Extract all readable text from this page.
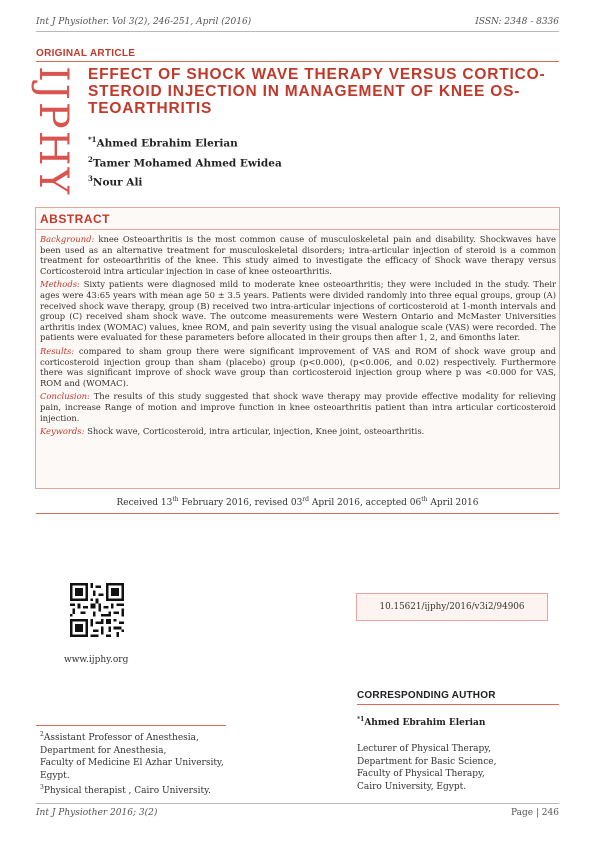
Int J Physiother. Vol 3(2), 246-251, April (2016)	ISSN: 2348 - 8336
ORIGINAL ARTICLE
IJPHY EFFECT OF SHOCK WAVE THERAPY VERSUS CORTICO-STEROID INJECTION IN MANAGEMENT OF KNEE OS-TEOARTHRITIS
$^{*1}$Ahmed Ebrahim Elerian
$^2$Tamer Mohamed Ahmed Ewidea
$^3$Nour Ali
ABSTRACT

Background: knee Osteoarthritis is the most common cause of musculoskeletal pain and disability. Shockwaves have been used as an alternative treatment for musculoskeletal disorders; intra-articular injection of steroid is a common treatment for osteoarthritis of the knee. This study aimed to investigate the efficacy of Shock wave therapy versus Corticosteroid intra articular injection in case of knee osteoarthritis.

Methods: Sixty patients were diagnosed mild to moderate knee osteoarthritis; they were included in the study. Their ages were 43:65 years with mean age 50 ± 3.5 years. Patients were divided randomly into three equal groups, group (A) received shock wave therapy, group (B) received two intra-articular injections of corticosteroid at 1-month intervals and group (C) received sham shock wave. The outcome measurements were Western Ontario and McMaster Universities arthritis index (WOMAC) values, knee ROM, and pain severity using the visual analogue scale (VAS) were recorded. The patients were evaluated for these parameters before allocated in their groups then after 1, 2, and 6months later.

Results: compared to sham group there were significant improvement of VAS and ROM of shock wave group and corticosteroid injection group than sham (placebo) group (p<0.000), (p<0.006, and 0.02) respectively. Furthermore there was significant improve of shock wave group than corticosteroid injection group where p was <0.000 for VAS, ROM and (WOMAC).

Conclusion: The results of this study suggested that shock wave therapy may provide effective modality for relieving pain, increase Range of motion and improve function in knee osteoarthritis patient than intra articular corticosteroid injection.

Keywords: Shock wave, Corticosteroid, intra articular, injection, Knee joint, osteoarthritis.

Received 13th February 2016, revised 03rd April 2016, accepted 06th April 2016
www.ijphy.org
10.15621/ijphy/2016/v3i2/94906
CORRESPONDING AUTHOR
$^{*1}$Ahmed Ebrahim Elerian
Lecturer of Physical Therapy,
Department for Basic Science,
Faculty of Physical Therapy,
Cairo University, Egypt.
$^2$Assistant Professor of Anesthesia,
Department for Anesthesia,
Faculty of Medicine El Azhar University,
Egypt.
$^3$Physical therapist , Cairo University.
Int J Physiother 2016; 3(2)	Page | 246
